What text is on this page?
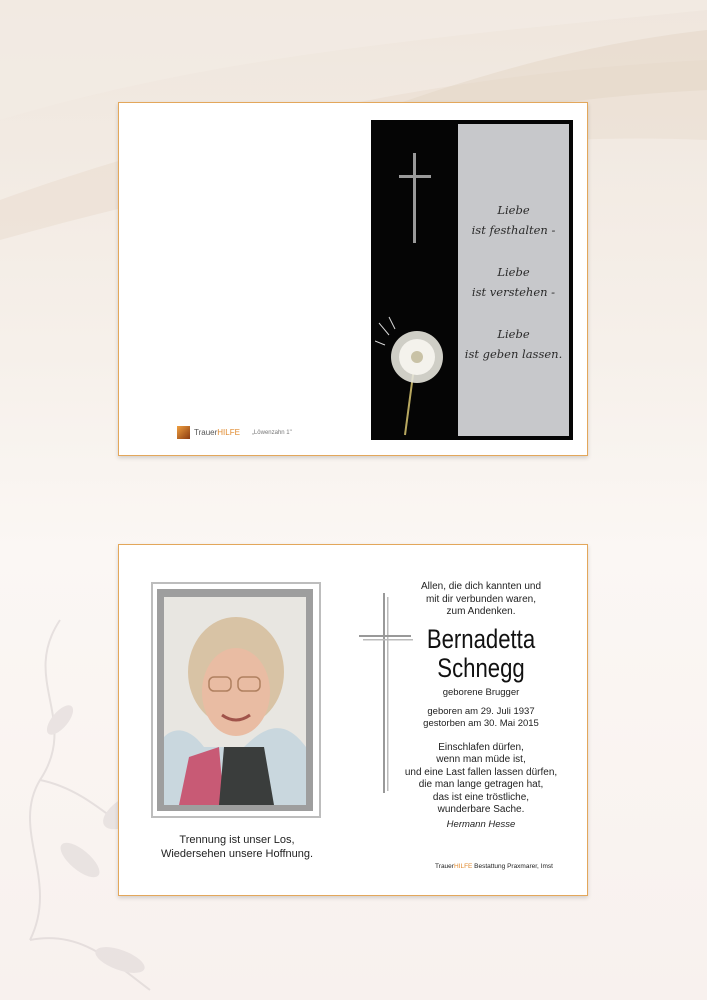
TrauerHILFE „Löwenzahn 1"

Liebe
ist festhalten -

Liebe
ist verstehen -

Liebe
ist geben lassen.

Trennung ist unser Los,
Wiedersehen unsere Hoffnung.
Allen, die dich kannten und
mit dir verbunden waren,
zum Andenken.
Bernadetta
Schnegg
geborene Brugger
geboren am 29. Juli 1937
gestorben am 30. Mai 2015
Einschlafen dürfen,
wenn man müde ist,
und eine Last fallen lassen dürfen,
die man lange getragen hat,
das ist eine tröstliche,
wunderbare Sache.
Hermann Hesse
TrauerHILFE Bestattung Praxmarer, Imst
